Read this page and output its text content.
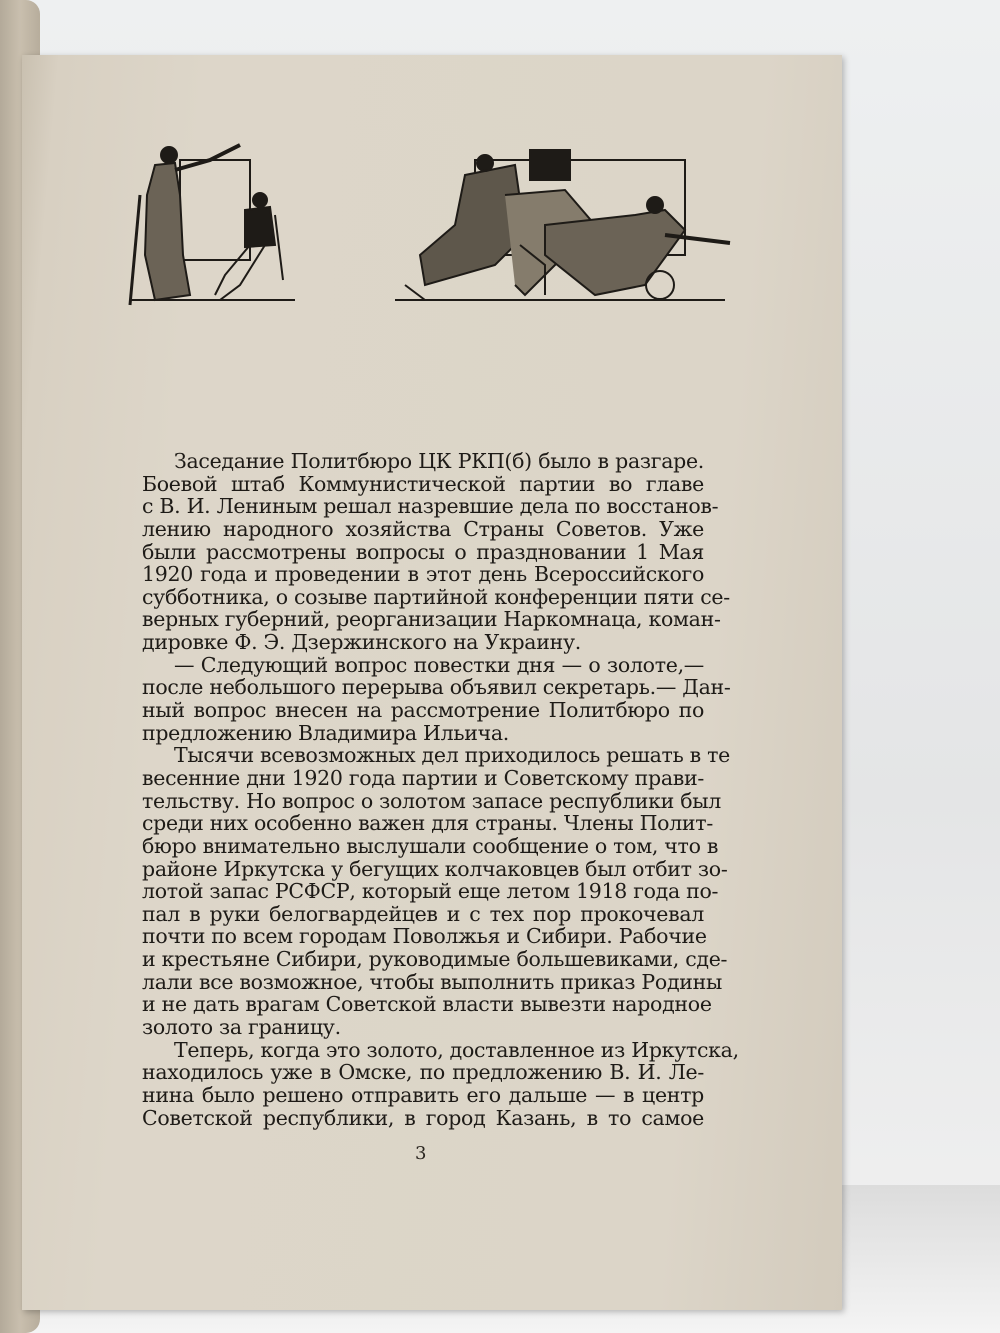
Заседание Политбюро ЦК РКП(б) было в разгаре.
Боевой штаб Коммунистической партии во главе
с В. И. Лениным решал назревшие дела по восстанов-
лению народного хозяйства Страны Советов. Уже
были рассмотрены вопросы о праздновании 1 Мая
1920 года и проведении в этот день Всероссийского
субботника, о созыве партийной конференции пяти се-
верных губерний, реорганизации Наркомнаца, коман-
дировке Ф. Э. Дзержинского на Украину.
— Следующий вопрос повестки дня — о золоте,—
после небольшого перерыва объявил секретарь.— Дан-
ный вопрос внесен на рассмотрение Политбюро по
предложению Владимира Ильича.
Тысячи всевозможных дел приходилось решать в те
весенние дни 1920 года партии и Советскому прави-
тельству. Но вопрос о золотом запасе республики был
среди них особенно важен для страны. Члены Полит-
бюро внимательно выслушали сообщение о том, что в
районе Иркутска у бегущих колчаковцев был отбит зо-
лотой запас РСФСР, который еще летом 1918 года по-
пал в руки белогвардейцев и с тех пор прокочевал
почти по всем городам Поволжья и Сибири. Рабочие
и крестьяне Сибири, руководимые большевиками, сде-
лали все возможное, чтобы выполнить приказ Родины
и не дать врагам Советской власти вывезти народное
золото за границу.
Теперь, когда это золото, доставленное из Иркутска,
находилось уже в Омске, по предложению В. И. Ле-
нина было решено отправить его дальше — в центр
Советской республики, в город Казань, в то самое
3
